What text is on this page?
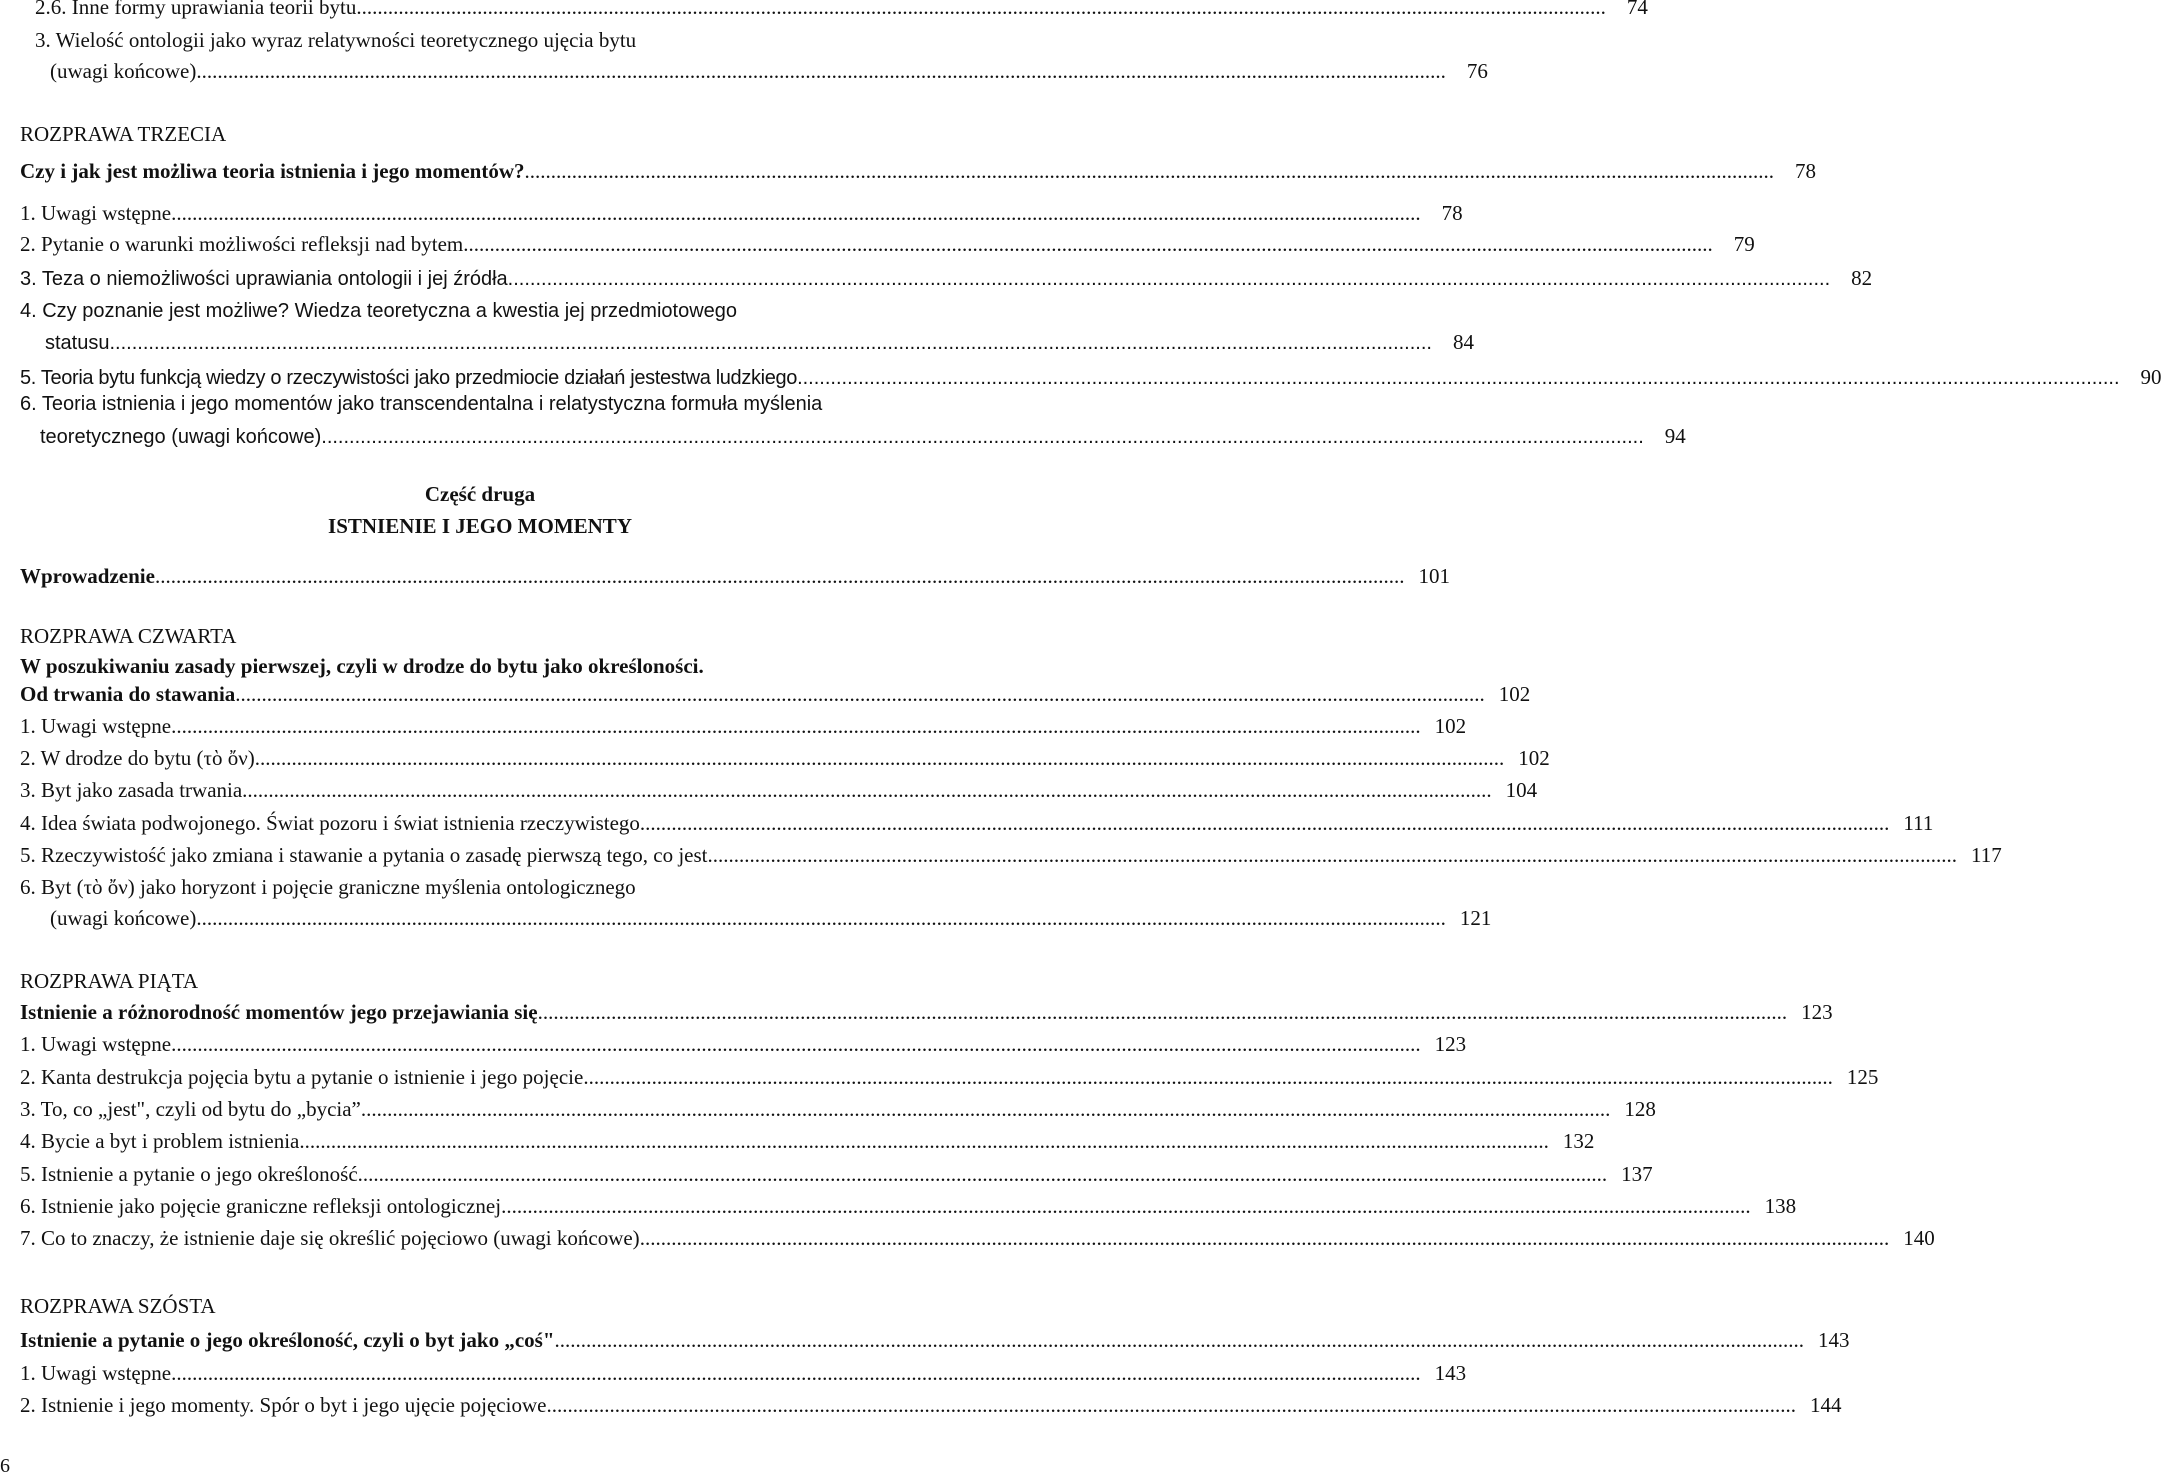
2.6. Inne formy uprawiania teorii bytu .....	74
3. Wielość ontologii jako wyraz relatywności teoretycznego ujęcia bytu
(uwagi końcowe) .....	76
ROZPRAWA TRZECIA
Czy i jak jest możliwa teoria istnienia i jego momentów? .....	78
1. Uwagi wstępne .....	78
2. Pytanie o warunki możliwości refleksji nad bytem .....	79
3. Teza o niemożliwości uprawiania ontologii i jej źródła .....	82
4. Czy poznanie jest możliwe? Wiedza teoretyczna a kwestia jej przedmiotowego
statusu .....	84
5. Teoria bytu funkcją wiedzy o rzeczywistości jako przedmiocie działań jestestwa ludzkiego .....	90
6. Teoria istnienia i jego momentów jako transcendentalna i relatystyczna formuła myślenia
teoretycznego (uwagi końcowe) .....	94
Część druga
ISTNIENIE I JEGO MOMENTY
Wprowadzenie .....	101
ROZPRAWA CZWARTA
W poszukiwaniu zasady pierwszej, czyli w drodze do bytu jako określoności.
Od trwania do stawania .....	102
1. Uwagi wstępne .....	102
2. W drodze do bytu (τὸ ὄν) .....	102
3. Byt jako zasada trwania .....	104
4. Idea świata podwojonego. Świat pozoru i świat istnienia rzeczywistego .....	111
5. Rzeczywistość jako zmiana i stawanie a pytania o zasadę pierwszą tego, co jest .....	117
6. Byt (τὸ ὄν) jako horyzont i pojęcie graniczne myślenia ontologicznego
(uwagi końcowe) .....	121
ROZPRAWA PIĄTA
Istnienie a różnorodność momentów jego przejawiania się .....	123
1. Uwagi wstępne .....	123
2. Kanta destrukcja pojęcia bytu a pytanie o istnienie i jego pojęcie .....	125
3. To, co „jest", czyli od bytu do „bycia” .....	128
4. Bycie a byt i problem istnienia .....	132
5. Istnienie a pytanie o jego określoność .....	137
6. Istnienie jako pojęcie graniczne refleksji ontologicznej .....	138
7. Co to znaczy, że istnienie daje się określić pojęciowo (uwagi końcowe) .....	140
ROZPRAWA SZÓSTA
Istnienie a pytanie o jego określoność, czyli o byt jako „coś" .....	143
1. Uwagi wstępne .....	143
2. Istnienie i jego momenty. Spór o byt i jego ujęcie pojęciowe .....	144
6
